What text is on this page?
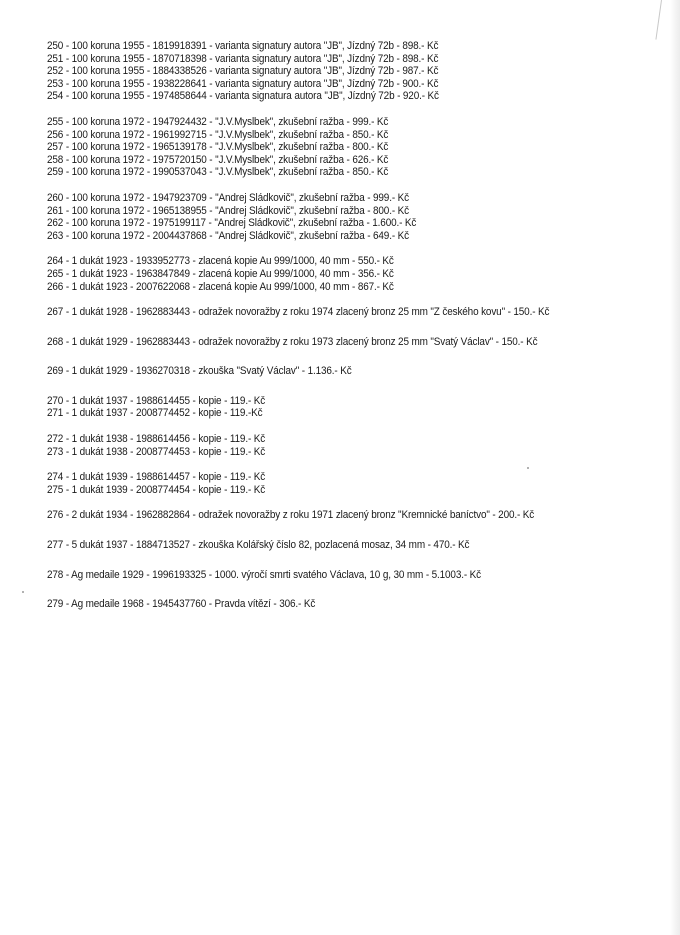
250 - 100 koruna 1955 - 1819918391 - varianta signatury autora "JB", Jízdný 72b - 898.- Kč
251 - 100 koruna 1955 - 1870718398 - varianta signatury autora "JB", Jízdný 72b - 898.- Kč
252 - 100 koruna 1955 - 1884338526 - varianta signatury autora "JB", Jízdný 72b - 987.- Kč
253 - 100 koruna 1955 - 1938228641 - varianta signatury autora "JB", Jízdný 72b - 900.- Kč
254 - 100 koruna 1955 - 1974858644 - varianta signatura autora "JB", Jízdný 72b - 920.- Kč
255 - 100 koruna 1972 - 1947924432 - "J.V.Myslbek", zkušební ražba - 999.- Kč
256 - 100 koruna 1972 - 1961992715 - "J.V.Myslbek", zkušební ražba - 850.- Kč
257 - 100 koruna 1972 - 1965139178 - "J.V.Myslbek", zkušební ražba - 800.- Kč
258 - 100 koruna 1972 - 1975720150 - "J.V.Myslbek", zkušební ražba - 626.- Kč
259 - 100 koruna 1972 - 1990537043 - "J.V.Myslbek", zkušební ražba - 850.- Kč
260 - 100 koruna 1972 - 1947923709 - "Andrej Sládkovič", zkušební ražba - 999.- Kč
261 - 100 koruna 1972 - 1965138955 - "Andrej Sládkovič", zkušební ražba - 800.- Kč
262 - 100 koruna 1972 - 1975199117 - "Andrej Sládkovič", zkušební ražba - 1.600.- Kč
263 - 100 koruna 1972 - 2004437868 - "Andrej Sládkovič", zkušební ražba - 649.- Kč
264 - 1 dukát 1923 - 1933952773 - zlacená kopie Au 999/1000, 40 mm - 550.- Kč
265 - 1 dukát 1923 - 1963847849 - zlacená kopie Au 999/1000, 40 mm - 356.- Kč
266 - 1 dukát 1923 - 2007622068 - zlacená kopie Au 999/1000, 40 mm - 867.- Kč
267 - 1 dukát 1928 - 1962883443 - odražek novoražby z roku 1974 zlacený bronz 25 mm "Z českého kovu" - 150.- Kč
268 - 1 dukát 1929 - 1962883443 - odražek novoražby z roku 1973 zlacený bronz 25 mm "Svatý Václav" - 150.- Kč
269 - 1 dukát 1929 - 1936270318 - zkouška "Svatý Václav" - 1.136.- Kč
270 - 1 dukát 1937 - 1988614455 - kopie - 119.- Kč
271 - 1 dukát 1937 - 2008774452 - kopie - 119.-Kč
272 - 1 dukát 1938 - 1988614456 - kopie - 119.- Kč
273 - 1 dukát 1938 - 2008774453 - kopie - 119.- Kč
274 - 1 dukát 1939 - 1988614457 - kopie - 119.- Kč
275 - 1 dukát 1939 - 2008774454 - kopie - 119.- Kč
276 - 2 dukát 1934 - 1962882864 - odražek novoražby z roku 1971 zlacený bronz "Kremnické baníctvo" - 200.- Kč
277 - 5 dukát 1937 - 1884713527 - zkouška Kolářský číslo 82, pozlacená mosaz, 34 mm - 470.- Kč
278 - Ag medaile 1929 - 1996193325 - 1000. výročí smrti svatého Václava, 10 g, 30 mm - 5.1003.- Kč
279 - Ag medaile 1968 - 1945437760 - Pravda vítězí - 306.- Kč
